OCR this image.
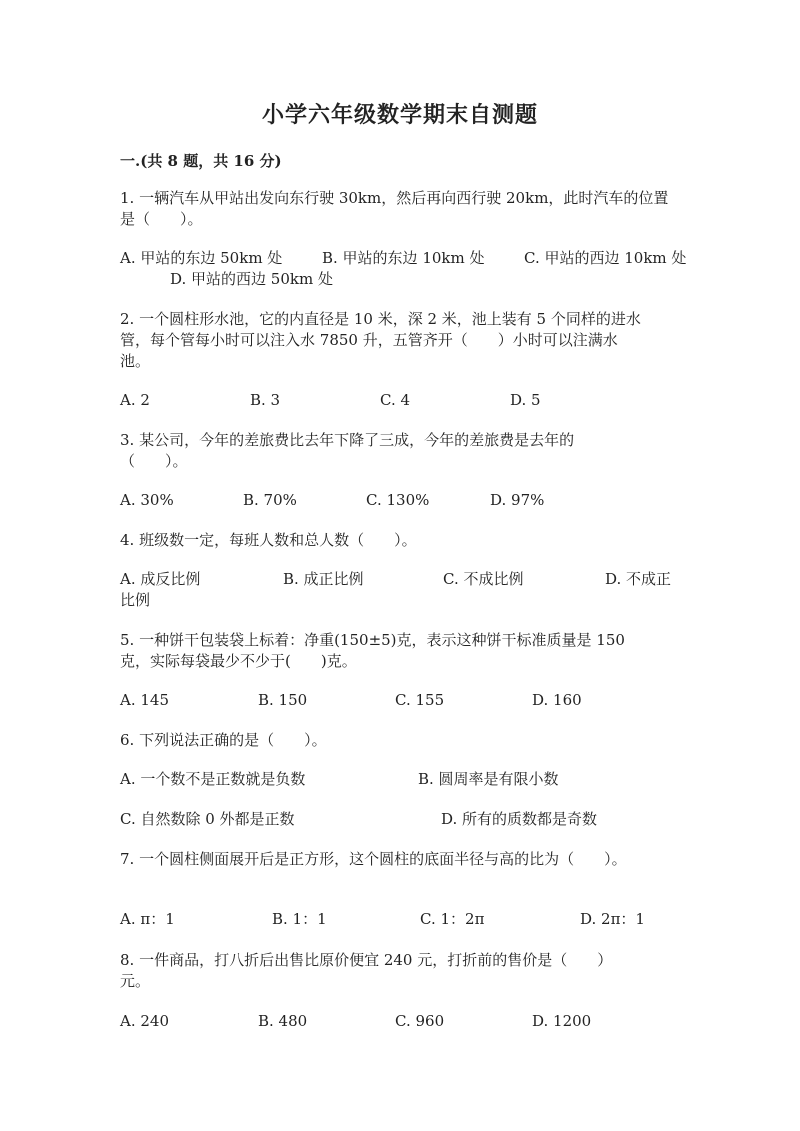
小学六年级数学期末自测题
一.(共 8 题，共 16 分)
1. 一辆汽车从甲站出发向东行驶 30km，然后再向西行驶 20km，此时汽车的位置
是（　　）。
A. 甲站的东边 50km 处	B. 甲站的东边 10km 处	C. 甲站的西边 10km 处
D. 甲站的西边 50km 处
2. 一个圆柱形水池，它的内直径是 10 米，深 2 米，池上装有 5 个同样的进水
管，每个管每小时可以注入水 7850 升，五管齐开（　　）小时可以注满水
池。
A. 2	B. 3	C. 4	D. 5
3. 某公司，今年的差旅费比去年下降了三成，今年的差旅费是去年的
（　　）。
A. 30%	B. 70%	C. 130%	D. 97%
4. 班级数一定，每班人数和总人数（　　）。
A. 成反比例	B. 成正比例	C. 不成比例	D. 不成正
比例
5. 一种饼干包装袋上标着：净重(150±5)克，表示这种饼干标准质量是 150
克，实际每袋最少不少于(　　)克。
A. 145	B. 150	C. 155	D. 160
6. 下列说法正确的是（　　）。
A. 一个数不是正数就是负数	B. 圆周率是有限小数
C. 自然数除 0 外都是正数	D. 所有的质数都是奇数
7. 一个圆柱侧面展开后是正方形，这个圆柱的底面半径与高的比为（　　）。
A. π：1	B. 1：1	C. 1：2π	D. 2π：1
8. 一件商品，打八折后出售比原价便宜 240 元，打折前的售价是（　　）
元。
A. 240	B. 480	C. 960	D. 1200
